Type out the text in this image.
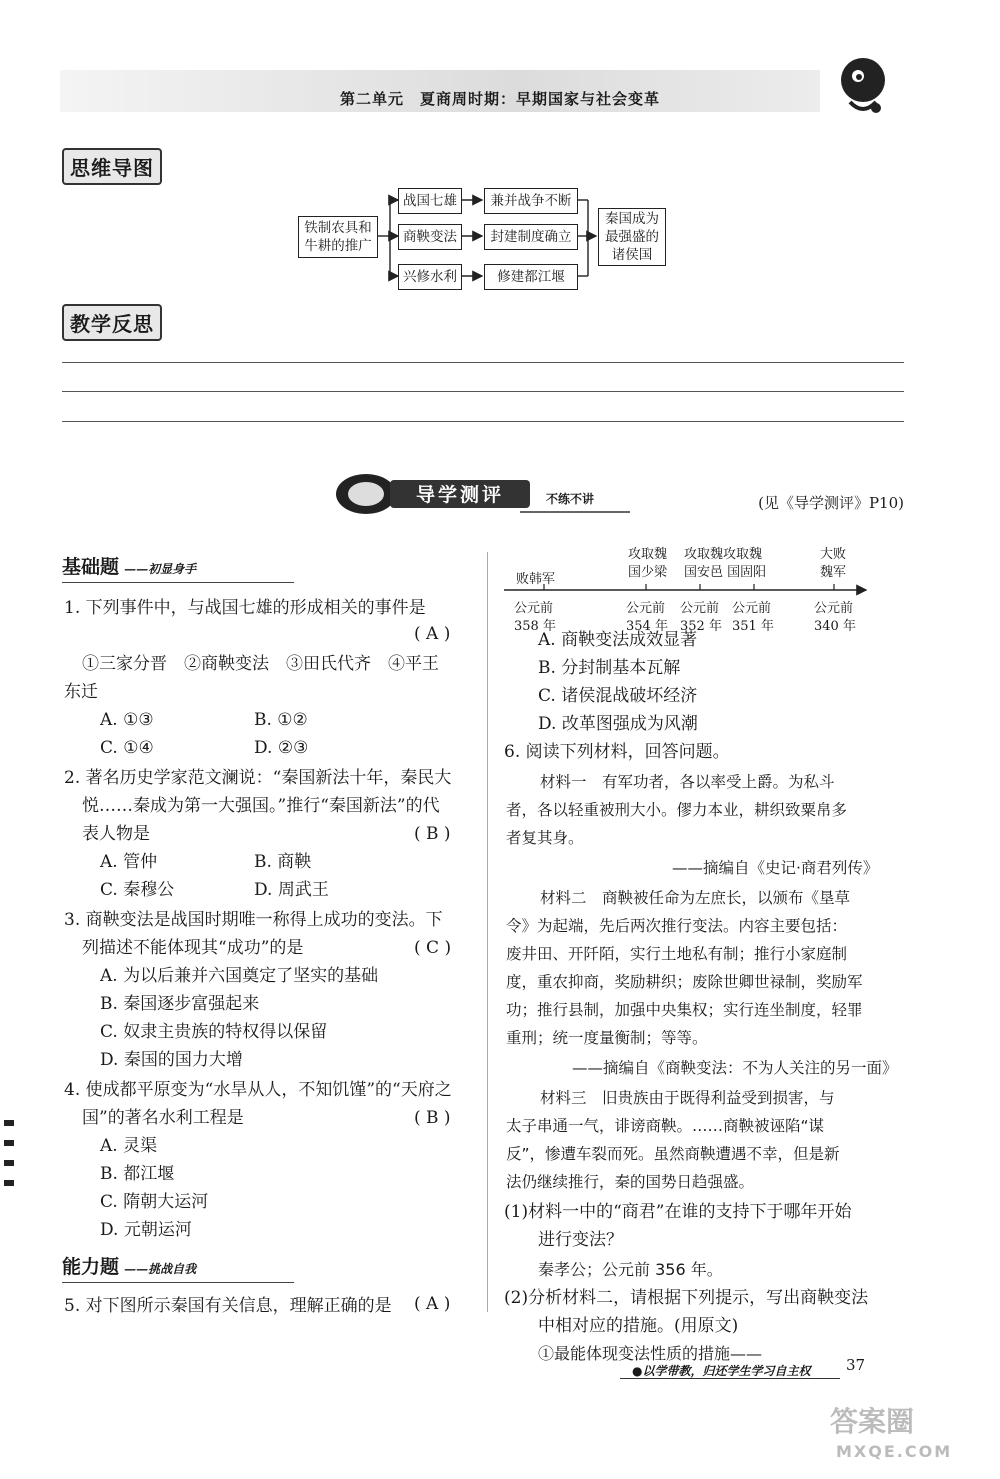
第二单元　夏商周时期：早期国家与社会变革
思维导图
铁制农具和牛耕的推广
战国七雄
商鞅变法
兴修水利
兼并战争不断
封建制度确立
修建都江堰
秦国成为最强盛的诸侯国
教学反思
导学测评	不练不讲	(见《导学测评》P10)
基础题 ——初显身手
1. 下列事件中，与战国七雄的形成相关的事件是
( A )
①三家分晋　②商鞅变法　③田氏代齐　④平王
东迁
A. ①③	B. ①②
C. ①④	D. ②③
2. 著名历史学家范文澜说：“秦国新法十年，秦民大
悦……秦成为第一大强国。”推行“秦国新法”的代
表人物是	( B )
A. 管仲	B. 商鞅
C. 秦穆公	D. 周武王
3. 商鞅变法是战国时期唯一称得上成功的变法。下
列描述不能体现其“成功”的是	( C )
A. 为以后兼并六国奠定了坚实的基础
B. 秦国逐步富强起来
C. 奴隶主贵族的特权得以保留
D. 秦国的国力大增
4. 使成都平原变为“水旱从人，不知饥馑”的“天府之
国”的著名水利工程是	( B )
A. 灵渠
B. 都江堰
C. 隋朝大运河
D. 元朝运河
能力题 ——挑战自我
5. 对下图所示秦国有关信息，理解正确的是 ( A )
败韩军
攻取魏
国少梁
攻取魏攻取魏
国安邑 国固阳
大败
魏军
公元前
358 年
公元前
354 年
公元前
352 年
公元前
351 年
公元前
340 年
A. 商鞅变法成效显著
B. 分封制基本瓦解
C. 诸侯混战破坏经济
D. 改革图强成为风潮
6. 阅读下列材料，回答问题。
材料一　有军功者，各以率受上爵。为私斗
者，各以轻重被刑大小。僇力本业，耕织致粟帛多
者复其身。
——摘编自《史记·商君列传》
材料二　商鞅被任命为左庶长，以颁布《垦草
令》为起端，先后两次推行变法。内容主要包括：
废井田、开阡陌，实行土地私有制；推行小家庭制
度，重农抑商，奖励耕织；废除世卿世禄制，奖励军
功；推行县制，加强中央集权；实行连坐制度，轻罪
重刑；统一度量衡制；等等。
——摘编自《商鞅变法：不为人关注的另一面》
材料三　旧贵族由于既得利益受到损害，与
太子串通一气，诽谤商鞅。……商鞅被诬陷“谋
反”，惨遭车裂而死。虽然商鞅遭遇不幸，但是新
法仍继续推行，秦的国势日趋强盛。
(1)材料一中的“商君”在谁的支持下于哪年开始
进行变法？
秦孝公；公元前 356 年。
(2)分析材料二，请根据下列提示，写出商鞅变法
中相对应的措施。(用原文)
①最能体现变法性质的措施——
●以学带教，归还学生学习自主权 37
答案圈
MXQE.COM
